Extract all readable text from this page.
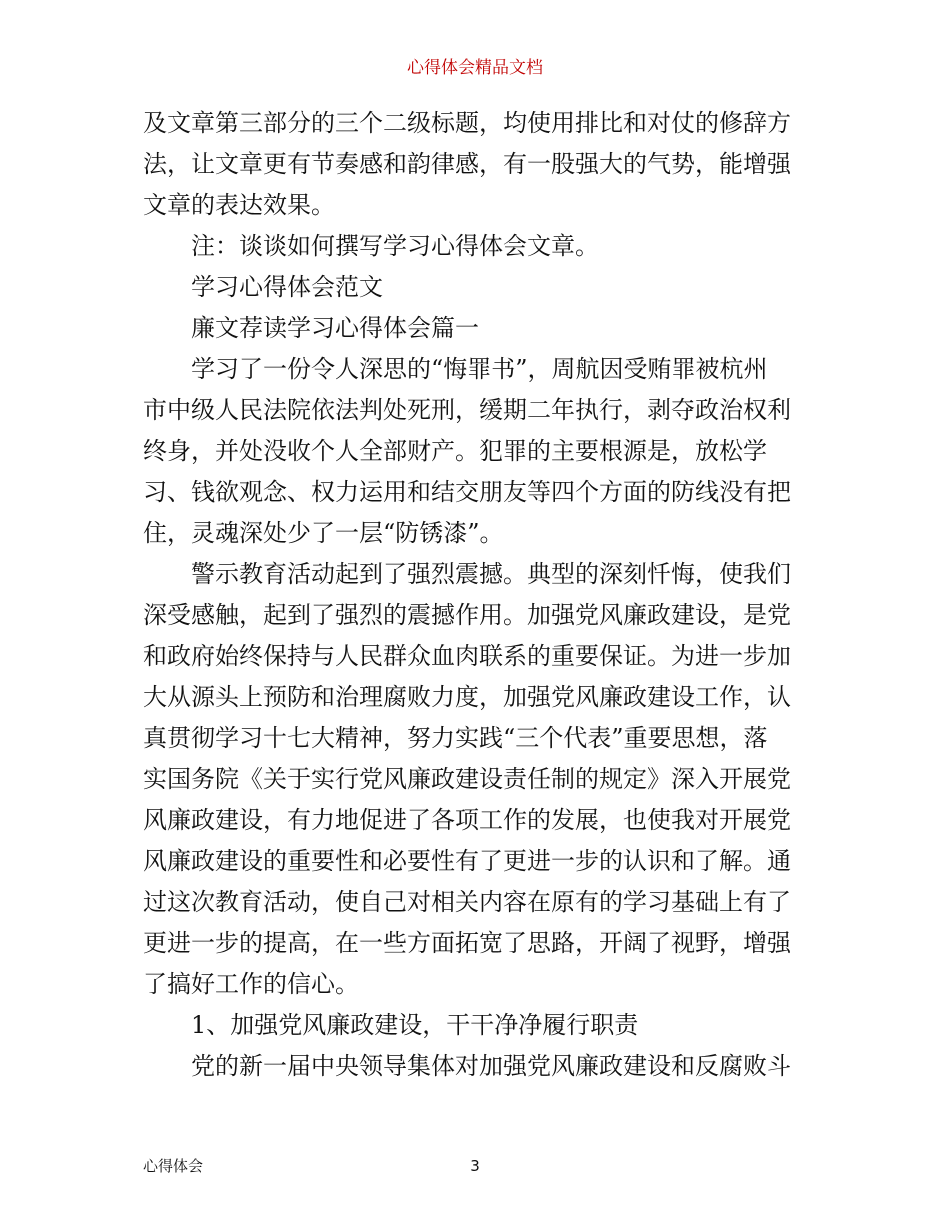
心得体会精品文档
及文章第三部分的三个二级标题，均使用排比和对仗的修辞方
法，让文章更有节奏感和韵律感，有一股强大的气势，能增强
文章的表达效果。
注：谈谈如何撰写学习心得体会文章。
学习心得体会范文
廉文荐读学习心得体会篇一
学习了一份令人深思的“悔罪书”，周航因受贿罪被杭州
市中级人民法院依法判处死刑，缓期二年执行，剥夺政治权利
终身，并处没收个人全部财产。犯罪的主要根源是，放松学
习、钱欲观念、权力运用和结交朋友等四个方面的防线没有把
住，灵魂深处少了一层“防锈漆”。
警示教育活动起到了强烈震撼。典型的深刻忏悔，使我们
深受感触，起到了强烈的震撼作用。加强党风廉政建设，是党
和政府始终保持与人民群众血肉联系的重要保证。为进一步加
大从源头上预防和治理腐败力度，加强党风廉政建设工作，认
真贯彻学习十七大精神，努力实践“三个代表”重要思想，落
实国务院《关于实行党风廉政建设责任制的规定》深入开展党
风廉政建设，有力地促进了各项工作的发展，也使我对开展党
风廉政建设的重要性和必要性有了更进一步的认识和了解。通
过这次教育活动，使自己对相关内容在原有的学习基础上有了
更进一步的提高，在一些方面拓宽了思路，开阔了视野，增强
了搞好工作的信心。
1、加强党风廉政建设，干干净净履行职责
党的新一届中央领导集体对加强党风廉政建设和反腐败斗
心得体会	3
